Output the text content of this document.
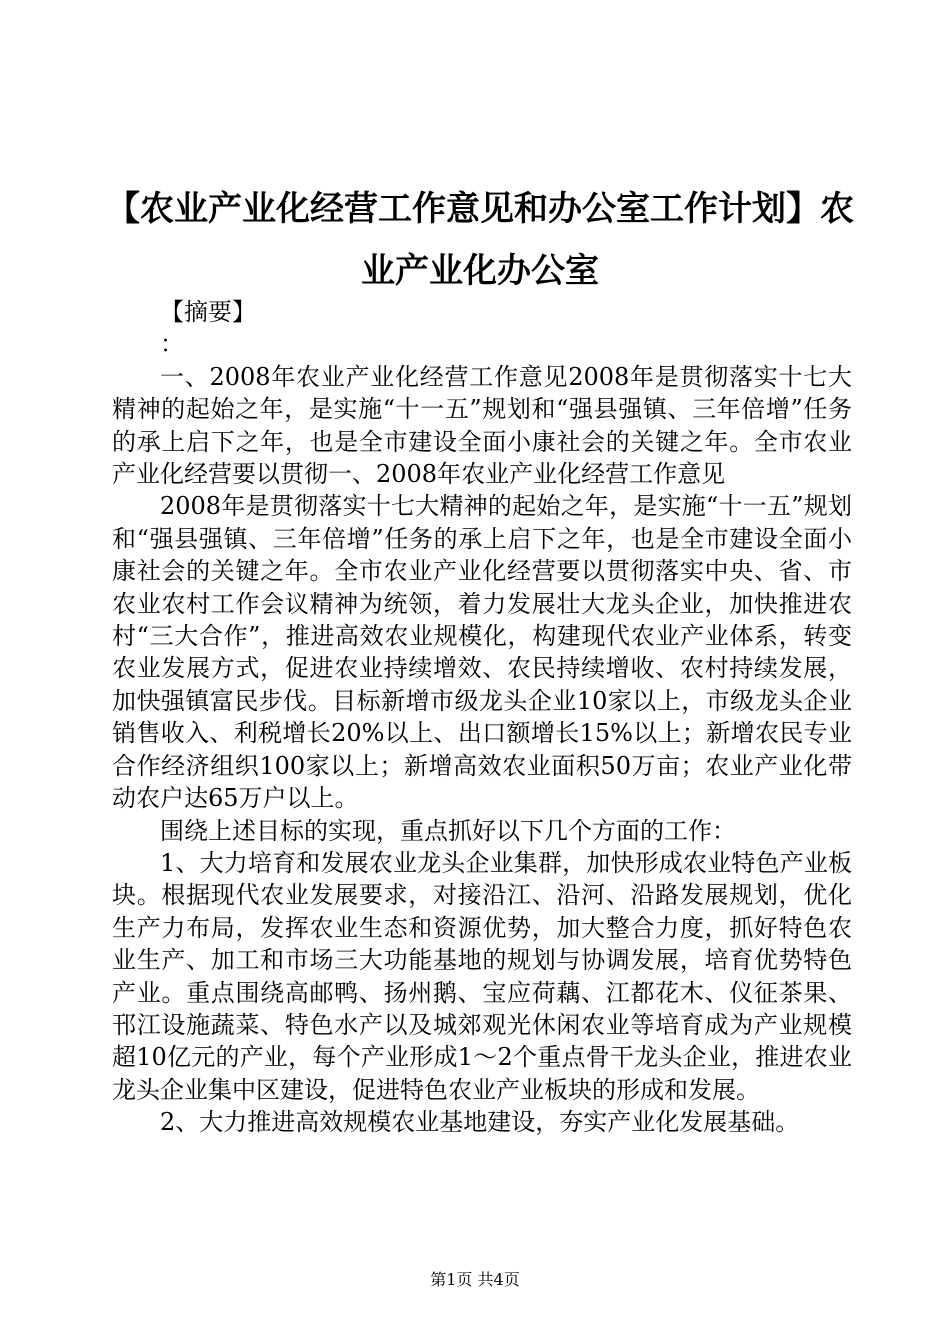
【农业产业化经营工作意见和办公室工作计划】农业产业化办公室

【摘要】

：

一、2008年农业产业化经营工作意见2008年是贯彻落实十七大精神的起始之年，是实施“十一五”规划和“强县强镇、三年倍增”任务的承上启下之年，也是全市建设全面小康社会的关键之年。全市农业产业化经营要以贯彻一、2008年农业产业化经营工作意见

2008年是贯彻落实十七大精神的起始之年，是实施“十一五”规划和“强县强镇、三年倍增”任务的承上启下之年，也是全市建设全面小康社会的关键之年。全市农业产业化经营要以贯彻落实中央、省、市农业农村工作会议精神为统领，着力发展壮大龙头企业，加快推进农村“三大合作”，推进高效农业规模化，构建现代农业产业体系，转变农业发展方式，促进农业持续增效、农民持续增收、农村持续发展，加快强镇富民步伐。目标新增市级龙头企业10家以上，市级龙头企业销售收入、利税增长20%以上、出口额增长15%以上；新增农民专业合作经济组织100家以上；新增高效农业面积50万亩；农业产业化带动农户达65万户以上。

围绕上述目标的实现，重点抓好以下几个方面的工作：

1、大力培育和发展农业龙头企业集群，加快形成农业特色产业板块。根据现代农业发展要求，对接沿江、沿河、沿路发展规划，优化生产力布局，发挥农业生态和资源优势，加大整合力度，抓好特色农业生产、加工和市场三大功能基地的规划与协调发展，培育优势特色产业。重点围绕高邮鸭、扬州鹅、宝应荷藕、江都花木、仪征茶果、邗江设施蔬菜、特色水产以及城郊观光休闲农业等培育成为产业规模超10亿元的产业，每个产业形成1～2个重点骨干龙头企业，推进农业龙头企业集中区建设，促进特色农业产业板块的形成和发展。

2、大力推进高效规模农业基地建设，夯实产业化发展基础。

第1页 共4页
